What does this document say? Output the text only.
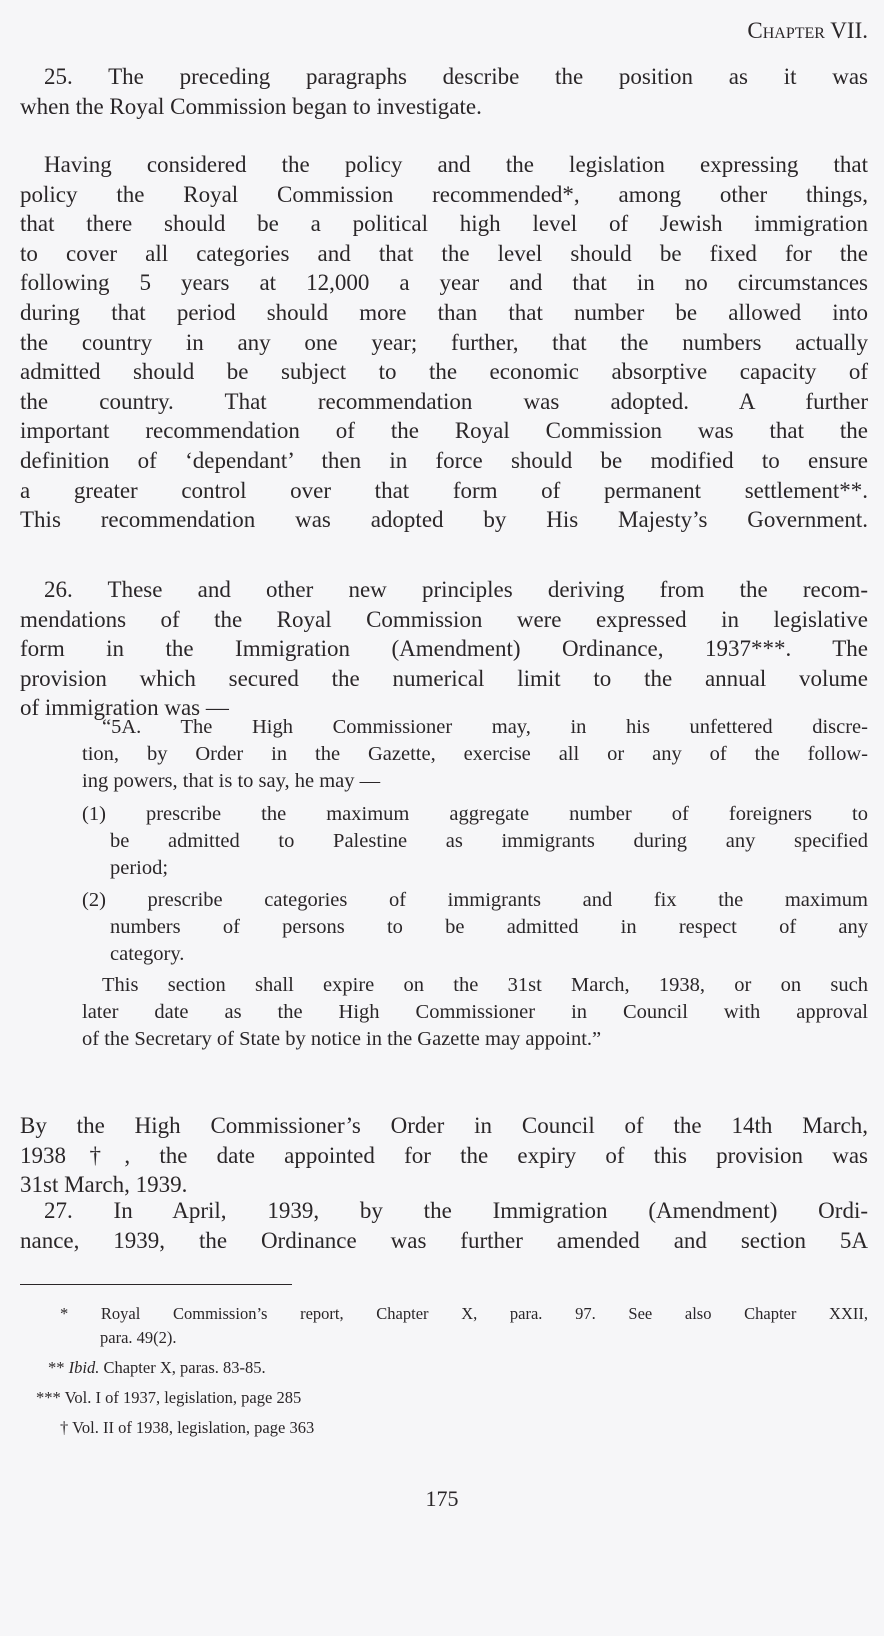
Chapter VII.
25. The preceding paragraphs describe the position as it was
when the Royal Commission began to investigate.
Having considered the policy and the legislation expressing that
policy the Royal Commission recommended*, among other things,
that there should be a political high level of Jewish immigration
to cover all categories and that the level should be fixed for the
following 5 years at 12,000 a year and that in no circumstances
during that period should more than that number be allowed into
the country in any one year; further, that the numbers actually
admitted should be subject to the economic absorptive capacity of
the country. That recommendation was adopted. A further
important recommendation of the Royal Commission was that the
definition of ‘dependant’ then in force should be modified to ensure
a greater control over that form of permanent settlement**.
This recommendation was adopted by His Majesty’s Government.
26. These and other new principles deriving from the recom-
mendations of the Royal Commission were expressed in legislative
form in the Immigration (Amendment) Ordinance, 1937***. The
provision which secured the numerical limit to the annual volume
of immigration was —
“5A. The High Commissioner may, in his unfettered discre-
tion, by Order in the Gazette, exercise all or any of the follow-
ing powers, that is to say, he may —
(1) prescribe the maximum aggregate number of foreigners to
be admitted to Palestine as immigrants during any specified
period;
(2) prescribe categories of immigrants and fix the maximum
numbers of persons to be admitted in respect of any
category.
This section shall expire on the 31st March, 1938, or on such
later date as the High Commissioner in Council with approval
of the Secretary of State by notice in the Gazette may appoint.”
By the High Commissioner’s Order in Council of the 14th March,
1938†, the date appointed for the expiry of this provision was
31st March, 1939.
27. In April, 1939, by the Immigration (Amendment) Ordi-
nance, 1939, the Ordinance was further amended and section 5A
* Royal Commission’s report, Chapter X, para. 97. See also Chapter XXII,
para. 49(2).
** Ibid. Chapter X, paras. 83-85.
*** Vol. I of 1937, legislation, page 285
† Vol. II of 1938, legislation, page 363
175
